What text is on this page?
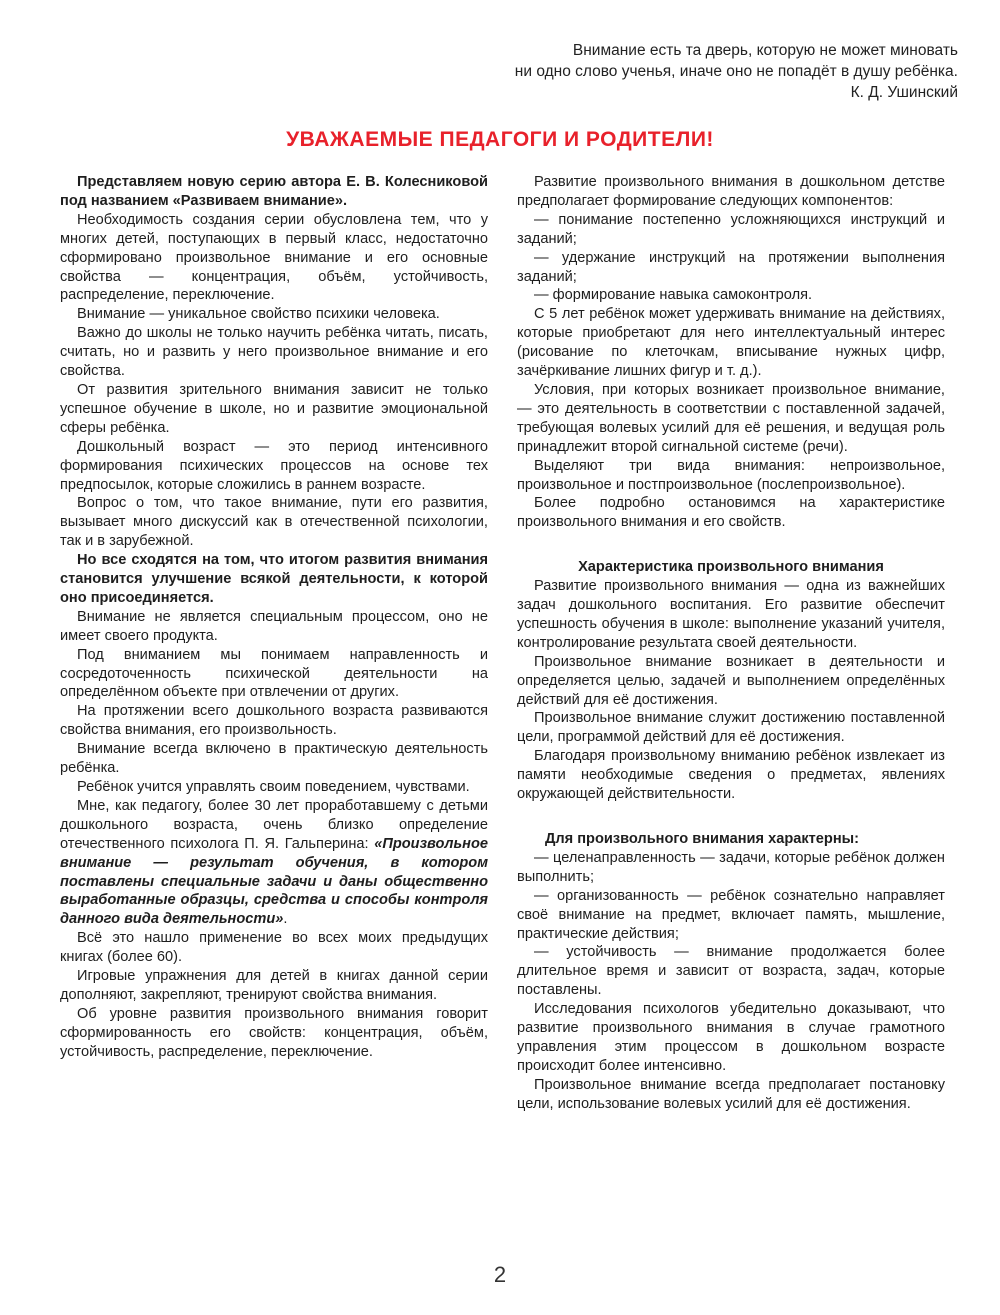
Внимание есть та дверь, которую не может миновать

ни одно слово ученья, иначе оно не попадёт в душу ребёнка.

К. Д. Ушинский

УВАЖАЕМЫЕ ПЕДАГОГИ И РОДИТЕЛИ!

Представляем новую серию автора Е. В. Колесниковой под названием «Развиваем внимание».

Необходимость создания серии обусловлена тем, что у многих детей, поступающих в первый класс, недостаточно сформировано произвольное внимание и его основные свойства — концентрация, объём, устойчивость, распределение, переключение.

Внимание — уникальное свойство психики человека.

Важно до школы не только научить ребёнка читать, писать, считать, но и развить у него произвольное внимание и его свойства.

От развития зрительного внимания зависит не только успешное обучение в школе, но и развитие эмоциональной сферы ребёнка.

Дошкольный возраст — это период интенсивного формирования психических процессов на основе тех предпосылок, которые сложились в раннем возрасте.

Вопрос о том, что такое внимание, пути его развития, вызывает много дискуссий как в отечественной психологии, так и в зарубежной.

Но все сходятся на том, что итогом развития внимания становится улучшение всякой деятельности, к которой оно присоединяется.

Внимание не является специальным процессом, оно не имеет своего продукта.

Под вниманием мы понимаем направленность и сосредоточенность психической деятельности на определённом объекте при отвлечении от других.

На протяжении всего дошкольного возраста развиваются свойства внимания, его произвольность.

Внимание всегда включено в практическую деятельность ребёнка.

Ребёнок учится управлять своим поведением, чувствами.

Мне, как педагогу, более 30 лет проработавшему с детьми дошкольного возраста, очень близко определение отечественного психолога П. Я. Гальперина: «Произвольное внимание — результат обучения, в котором поставлены специальные задачи и даны общественно выработанные образцы, средства и способы контроля данного вида деятельности».

Всё это нашло применение во всех моих предыдущих книгах (более 60).

Игровые упражнения для детей в книгах данной серии дополняют, закрепляют, тренируют свойства внимания.

Об уровне развития произвольного внимания говорит сформированность его свойств: концентрация, объём, устойчивость, распределение, переключение.

Развитие произвольного внимания в дошкольном детстве предполагает формирование следующих компонентов:

— понимание постепенно усложняющихся инструкций и заданий;

— удержание инструкций на протяжении выполнения заданий;

— формирование навыка самоконтроля.

С 5 лет ребёнок может удерживать внимание на действиях, которые приобретают для него интеллектуальный интерес (рисование по клеточкам, вписывание нужных цифр, зачёркивание лишних фигур и т. д.).

Условия, при которых возникает произвольное внимание, — это деятельность в соответствии с поставленной задачей, требующая волевых усилий для её решения, и ведущая роль принадлежит второй сигнальной системе (речи).

Выделяют три вида внимания: непроизвольное, произвольное и постпроизвольное (послепроизвольное).

Более подробно остановимся на характеристике произвольного внимания и его свойств.

Характеристика произвольного внимания

Развитие произвольного внимания — одна из важнейших задач дошкольного воспитания. Его развитие обеспечит успешность обучения в школе: выполнение указаний учителя, контролирование результата своей деятельности.

Произвольное внимание возникает в деятельности и определяется целью, задачей и выполнением определённых действий для её достижения.

Произвольное внимание служит достижению поставленной цели, программой действий для её достижения.

Благодаря произвольному вниманию ребёнок извлекает из памяти необходимые сведения о предметах, явлениях окружающей действительности.

Для произвольного внимания характерны:

— целенаправленность — задачи, которые ребёнок должен выполнить;

— организованность — ребёнок сознательно направляет своё внимание на предмет, включает память, мышление, практические действия;

— устойчивость — внимание продолжается более длительное время и зависит от возраста, задач, которые поставлены.

Исследования психологов убедительно доказывают, что развитие произвольного внимания в случае грамотного управления этим процессом в дошкольном возрасте происходит более интенсивно.

Произвольное внимание всегда предполагает постановку цели, использование волевых усилий для её достижения.

2
